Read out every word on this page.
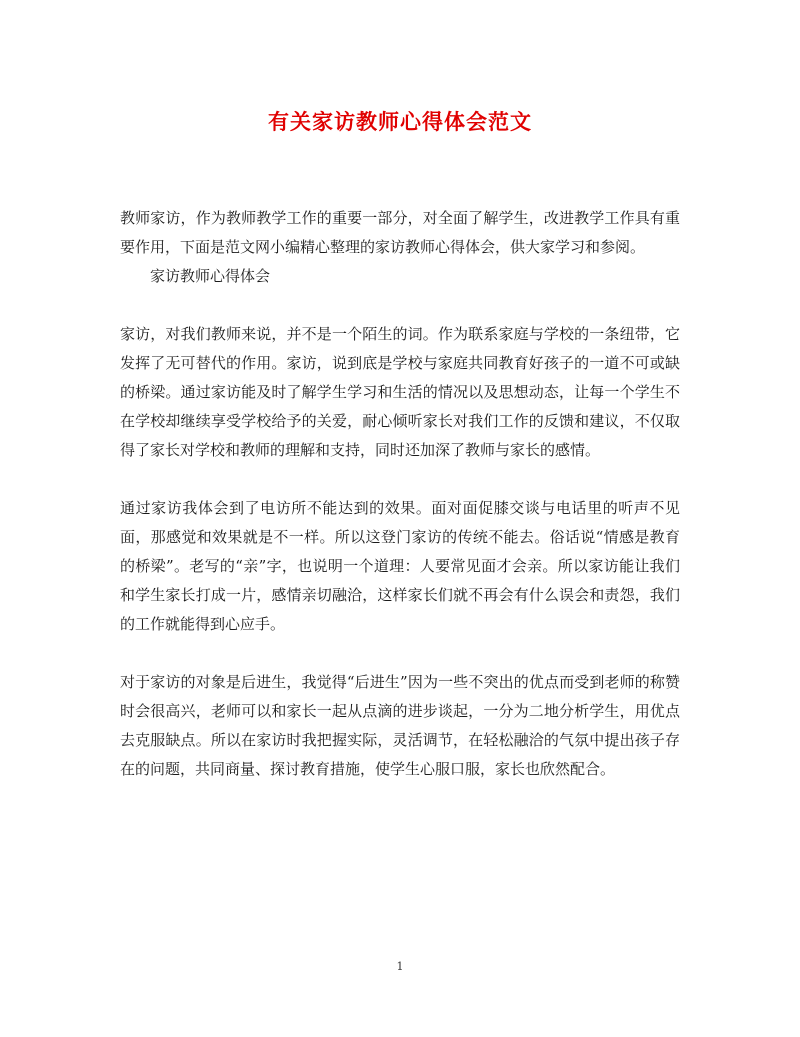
有关家访教师心得体会范文

教师家访，作为教师教学工作的重要一部分，对全面了解学生，改进教学工作具有重要作用，下面是范文网小编精心整理的家访教师心得体会，供大家学习和参阅。

家访教师心得体会

家访，对我们教师来说，并不是一个陌生的词。作为联系家庭与学校的一条纽带，它发挥了无可替代的作用。家访，说到底是学校与家庭共同教育好孩子的一道不可或缺的桥梁。通过家访能及时了解学生学习和生活的情况以及思想动态，让每一个学生不在学校却继续享受学校给予的关爱，耐心倾听家长对我们工作的反馈和建议，不仅取得了家长对学校和教师的理解和支持，同时还加深了教师与家长的感情。

通过家访我体会到了电访所不能达到的效果。面对面促膝交谈与电话里的听声不见面，那感觉和效果就是不一样。所以这登门家访的传统不能去。俗话说“情感是教育的桥梁”。老写的“亲”字，也说明一个道理：人要常见面才会亲。所以家访能让我们和学生家长打成一片，感情亲切融洽，这样家长们就不再会有什么误会和责怨，我们的工作就能得到心应手。

对于家访的对象是后进生，我觉得“后进生”因为一些不突出的优点而受到老师的称赞时会很高兴，老师可以和家长一起从点滴的进步谈起，一分为二地分析学生，用优点去克服缺点。所以在家访时我把握实际，灵活调节，在轻松融洽的气氛中提出孩子存在的问题，共同商量、探讨教育措施，使学生心服口服，家长也欣然配合。

1
